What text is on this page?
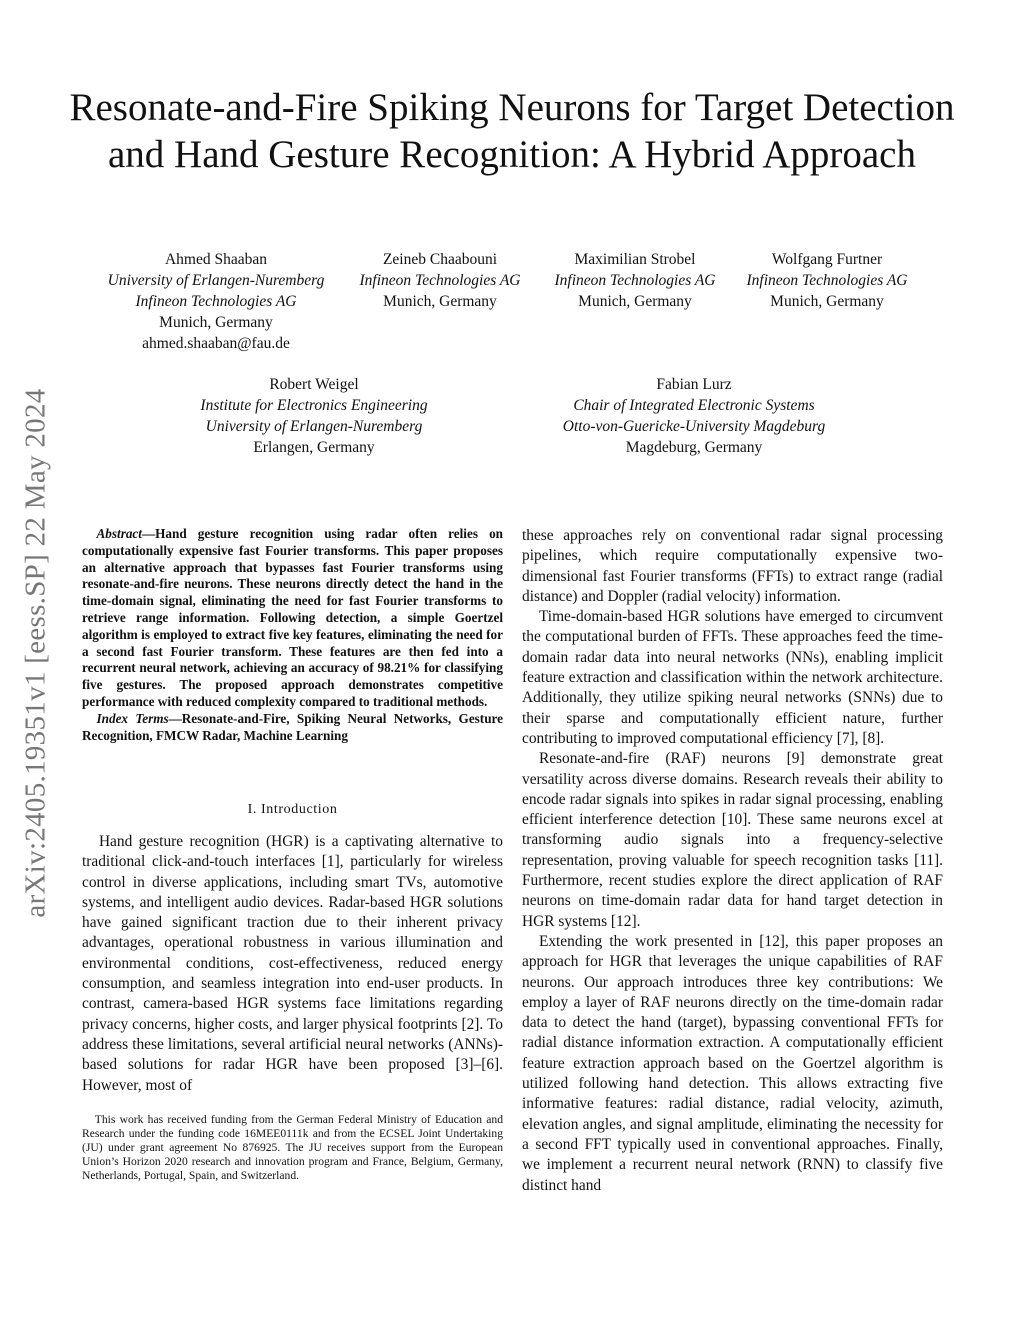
arXiv:2405.19351v1 [eess.SP] 22 May 2024
Resonate-and-Fire Spiking Neurons for Target Detection and Hand Gesture Recognition: A Hybrid Approach
Ahmed Shaaban
University of Erlangen-Nuremberg
Infineon Technologies AG
Munich, Germany
ahmed.shaaban@fau.de
Zeineb Chaabouni
Infineon Technologies AG
Munich, Germany
Maximilian Strobel
Infineon Technologies AG
Munich, Germany
Wolfgang Furtner
Infineon Technologies AG
Munich, Germany
Robert Weigel
Institute for Electronics Engineering
University of Erlangen-Nuremberg
Erlangen, Germany
Fabian Lurz
Chair of Integrated Electronic Systems
Otto-von-Guericke-University Magdeburg
Magdeburg, Germany

Abstract—Hand gesture recognition using radar often relies on computationally expensive fast Fourier transforms. This paper proposes an alternative approach that bypasses fast Fourier transforms using resonate-and-fire neurons. These neurons directly detect the hand in the time-domain signal, eliminating the need for fast Fourier transforms to retrieve range information. Following detection, a simple Goertzel algorithm is employed to extract five key features, eliminating the need for a second fast Fourier transform. These features are then fed into a recurrent neural network, achieving an accuracy of 98.21% for classifying five gestures. The proposed approach demonstrates competitive performance with reduced complexity compared to traditional methods.

Index Terms—Resonate-and-Fire, Spiking Neural Networks, Gesture Recognition, FMCW Radar, Machine Learning

I. Introduction

Hand gesture recognition (HGR) is a captivating alternative to traditional click-and-touch interfaces [1], particularly for wireless control in diverse applications, including smart TVs, automotive systems, and intelligent audio devices. Radar-based HGR solutions have gained significant traction due to their inherent privacy advantages, operational robustness in various illumination and environmental conditions, cost-effectiveness, reduced energy consumption, and seamless integration into end-user products. In contrast, camera-based HGR systems face limitations regarding privacy concerns, higher costs, and larger physical footprints [2]. To address these limitations, several artificial neural networks (ANNs)-based solutions for radar HGR have been proposed [3]–[6]. However, most of

This work has received funding from the German Federal Ministry of Education and Research under the funding code 16MEE0111k and from the ECSEL Joint Undertaking (JU) under grant agreement No 876925. The JU receives support from the European Union’s Horizon 2020 research and innovation program and France, Belgium, Germany, Netherlands, Portugal, Spain, and Switzerland.

these approaches rely on conventional radar signal processing pipelines, which require computationally expensive two-dimensional fast Fourier transforms (FFTs) to extract range (radial distance) and Doppler (radial velocity) information.

Time-domain-based HGR solutions have emerged to circumvent the computational burden of FFTs. These approaches feed the time-domain radar data into neural networks (NNs), enabling implicit feature extraction and classification within the network architecture. Additionally, they utilize spiking neural networks (SNNs) due to their sparse and computationally efficient nature, further contributing to improved computational efficiency [7], [8].

Resonate-and-fire (RAF) neurons [9] demonstrate great versatility across diverse domains. Research reveals their ability to encode radar signals into spikes in radar signal processing, enabling efficient interference detection [10]. These same neurons excel at transforming audio signals into a frequency-selective representation, proving valuable for speech recognition tasks [11]. Furthermore, recent studies explore the direct application of RAF neurons on time-domain radar data for hand target detection in HGR systems [12].

Extending the work presented in [12], this paper proposes an approach for HGR that leverages the unique capabilities of RAF neurons. Our approach introduces three key contributions: We employ a layer of RAF neurons directly on the time-domain radar data to detect the hand (target), bypassing conventional FFTs for radial distance information extraction. A computationally efficient feature extraction approach based on the Goertzel algorithm is utilized following hand detection. This allows extracting five informative features: radial distance, radial velocity, azimuth, elevation angles, and signal amplitude, eliminating the necessity for a second FFT typically used in conventional approaches. Finally, we implement a recurrent neural network (RNN) to classify five distinct hand
